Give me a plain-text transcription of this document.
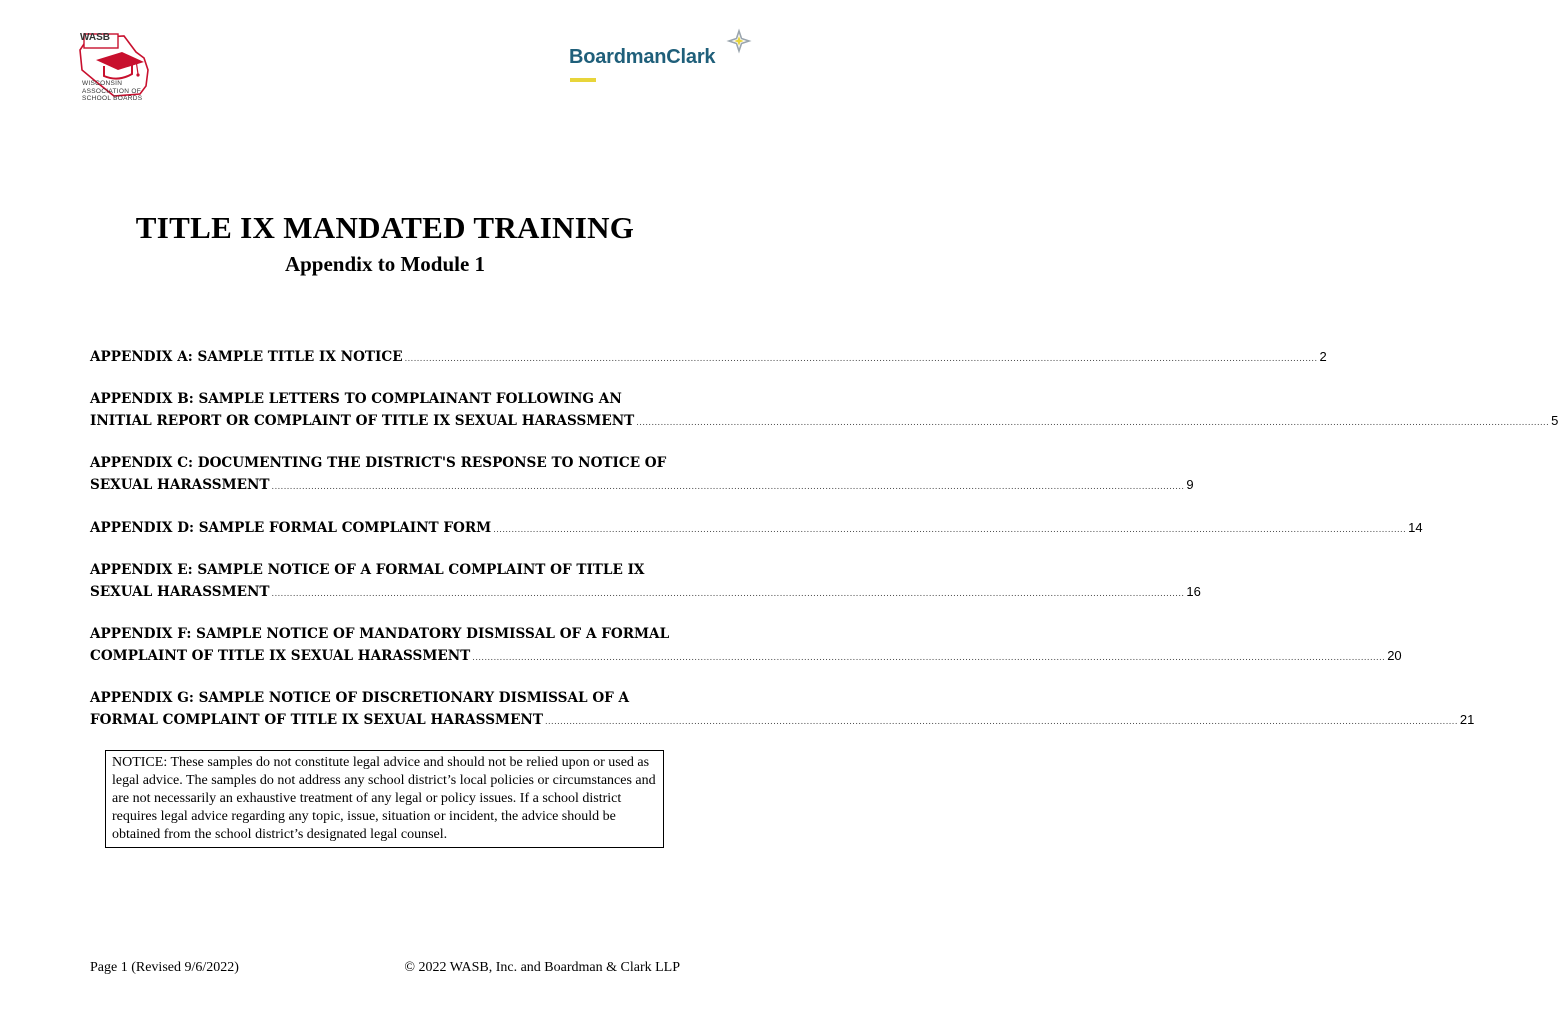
WASB
WISCONSIN
ASSOCIATION OF
SCHOOL BOARDS
BoardmanClark
TITLE IX MANDATED TRAINING
Appendix to Module 1
APPENDIX A: SAMPLE TITLE IX NOTICE ............................................................................................................................................................................................................................................................................................................ 2
APPENDIX B: SAMPLE LETTERS TO COMPLAINANT FOLLOWING AN
INITIAL REPORT OR COMPLAINT OF TITLE IX SEXUAL HARASSMENT ............................................................................................................................................................................................................................................................................................................ 5
APPENDIX C: DOCUMENTING THE DISTRICT'S RESPONSE TO NOTICE OF
SEXUAL HARASSMENT ............................................................................................................................................................................................................................................................................................................ 9
APPENDIX D: SAMPLE FORMAL COMPLAINT FORM ............................................................................................................................................................................................................................................................................................................ 14
APPENDIX E: SAMPLE NOTICE OF A FORMAL COMPLAINT OF TITLE IX
SEXUAL HARASSMENT ............................................................................................................................................................................................................................................................................................................ 16
APPENDIX F: SAMPLE NOTICE OF MANDATORY DISMISSAL OF A FORMAL
COMPLAINT OF TITLE IX SEXUAL HARASSMENT ............................................................................................................................................................................................................................................................................................................ 20
APPENDIX G: SAMPLE NOTICE OF DISCRETIONARY DISMISSAL OF A
FORMAL COMPLAINT OF TITLE IX SEXUAL HARASSMENT ............................................................................................................................................................................................................................................................................................................ 21
NOTICE: These samples do not constitute legal advice and should not be relied upon or used as legal advice. The samples do not address any school district’s local policies or circumstances and are not necessarily an exhaustive treatment of any legal or policy issues. If a school district requires legal advice regarding any topic, issue, situation or incident, the advice should be obtained from the school district’s designated legal counsel.
Page 1 (Revised 9/6/2022)	© 2022 WASB, Inc. and Boardman & Clark LLP
